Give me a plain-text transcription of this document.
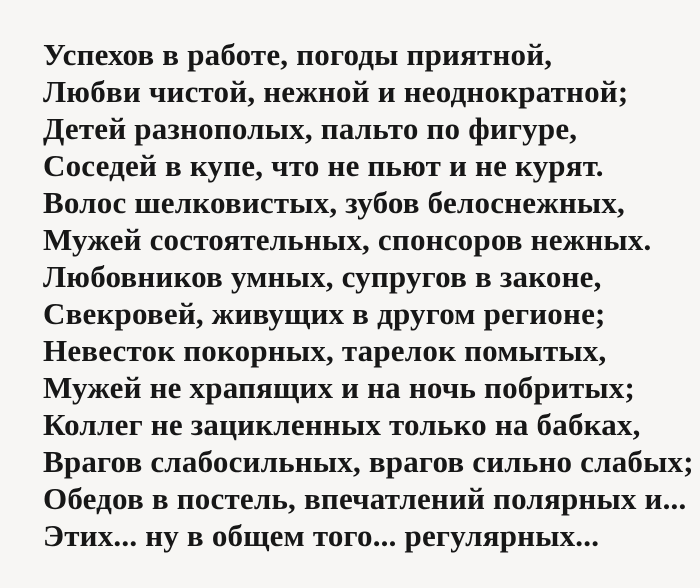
Успехов в работе, погоды приятной,
Любви чистой, нежной и неоднократной;
Детей разнополых, пальто по фигуре,
Соседей в купе, что не пьют и не курят.
Волос шелковистых, зубов белоснежных,
Мужей состоятельных, спонсоров нежных.
Любовников умных, супругов в законе,
Свекровей, живущих в другом регионе;
Невесток покорных, тарелок помытых,
Мужей не храпящих и на ночь побритых;
Коллег не зацикленных только на бабках,
Врагов слабосильных, врагов сильно слабых;
Обедов в постель, впечатлений полярных и...
Этих... ну в общем того... регулярных...
